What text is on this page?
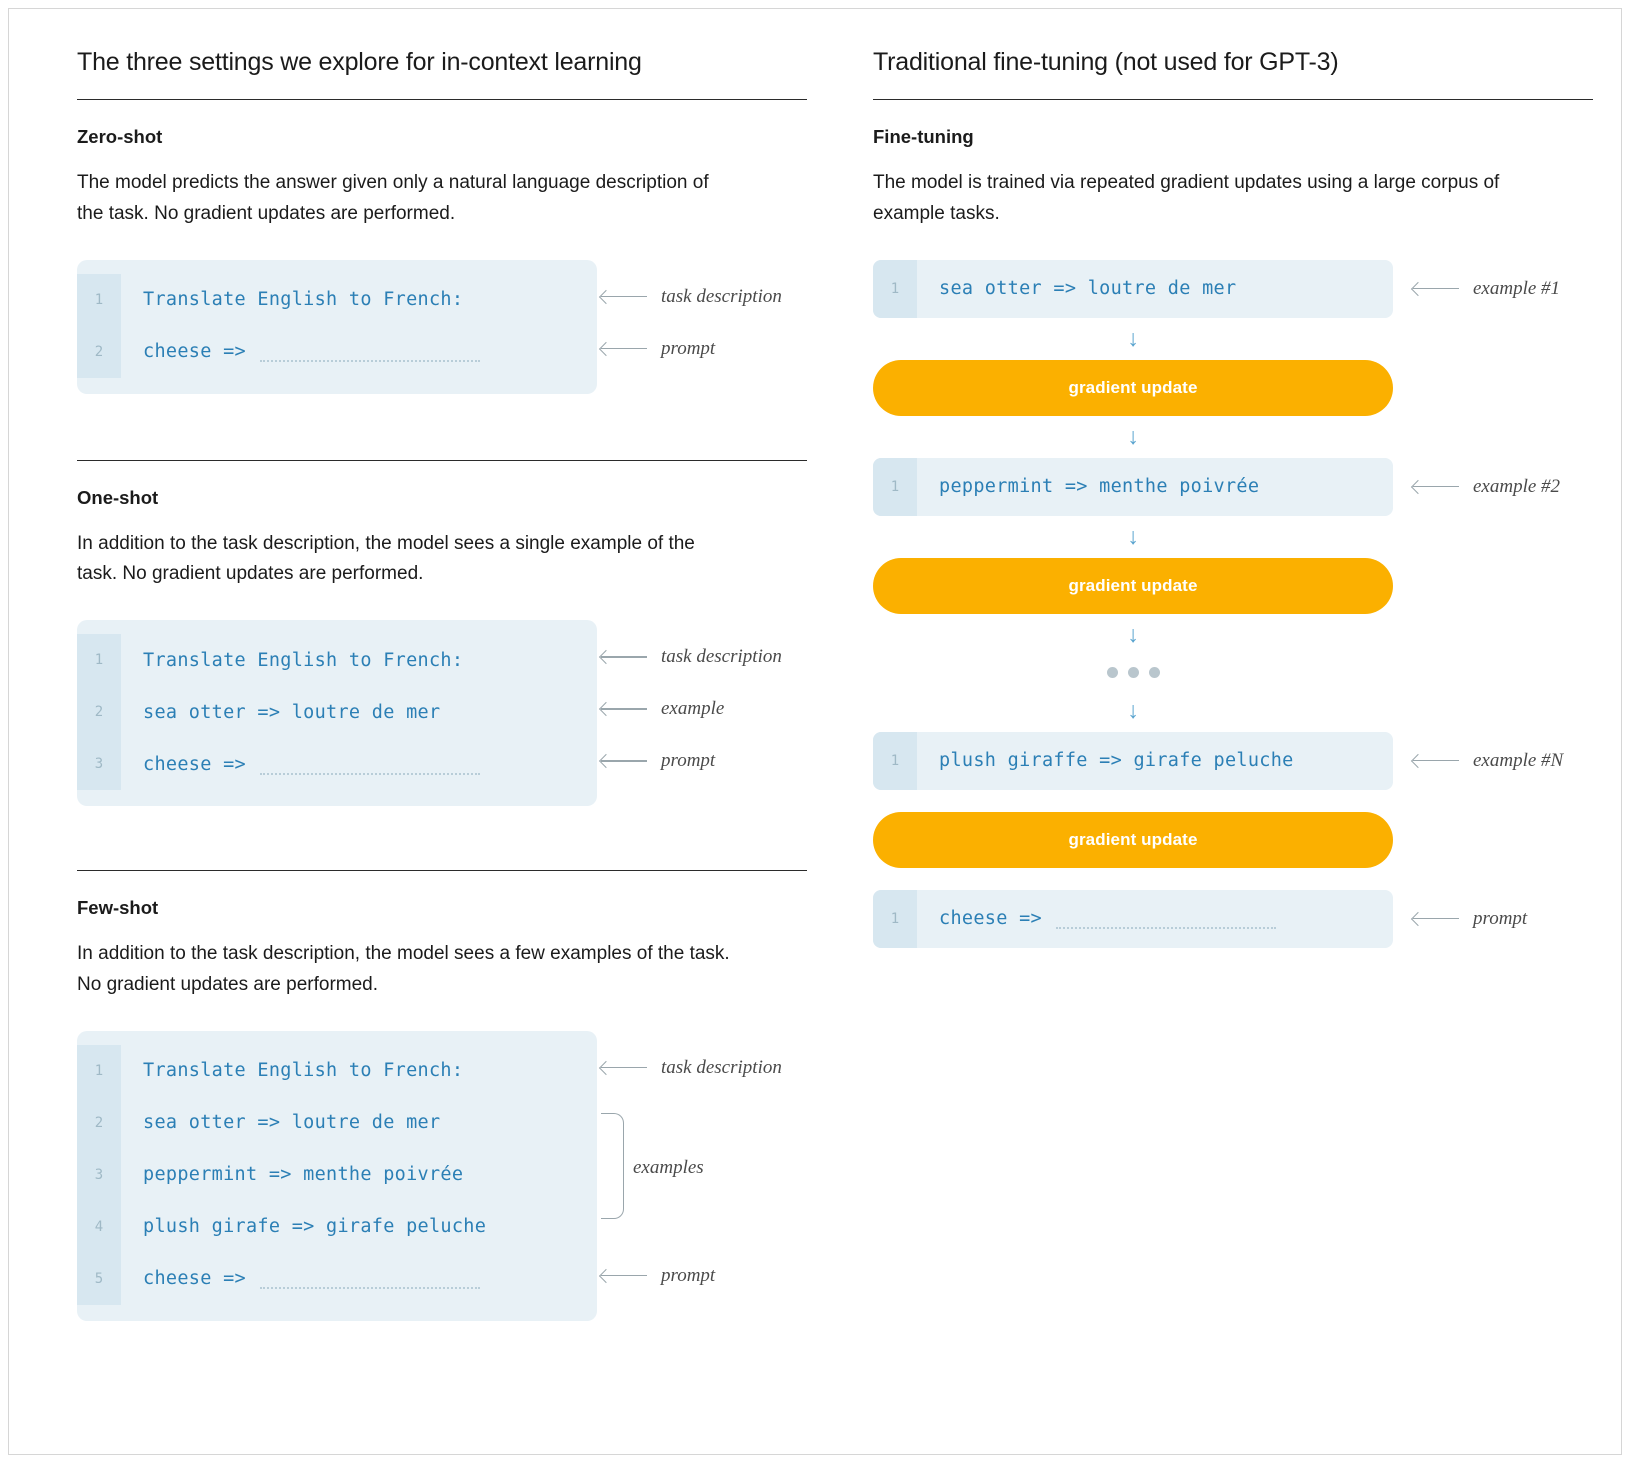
The three settings we explore for in-context learning
Zero-shot

The model predicts the answer given only a natural language description of the task. No gradient updates are performed.

1	Translate English to French:
2	cheese =>
task description
prompt
One-shot

In addition to the task description, the model sees a single example of the task. No gradient updates are performed.

1	Translate English to French:
2	sea otter => loutre de mer
3	cheese =>
task description
example
prompt
Few-shot

In addition to the task description, the model sees a few examples of the task. No gradient updates are performed.

1	Translate English to French:
2	sea otter => loutre de mer
3	peppermint => menthe poivrée
4	plush girafe => girafe peluche
5	cheese =>
task description
examples
prompt
Traditional fine-tuning (not used for GPT-3)
Fine-tuning

The model is trained via repeated gradient updates using a large corpus of example tasks.

1	sea otter => loutre de mer	example #1
↓
gradient update
↓
1	peppermint => menthe poivrée	example #2
↓
gradient update
↓
↓
1	plush giraffe => girafe peluche	example #N
gradient update
1	cheese =>	prompt
